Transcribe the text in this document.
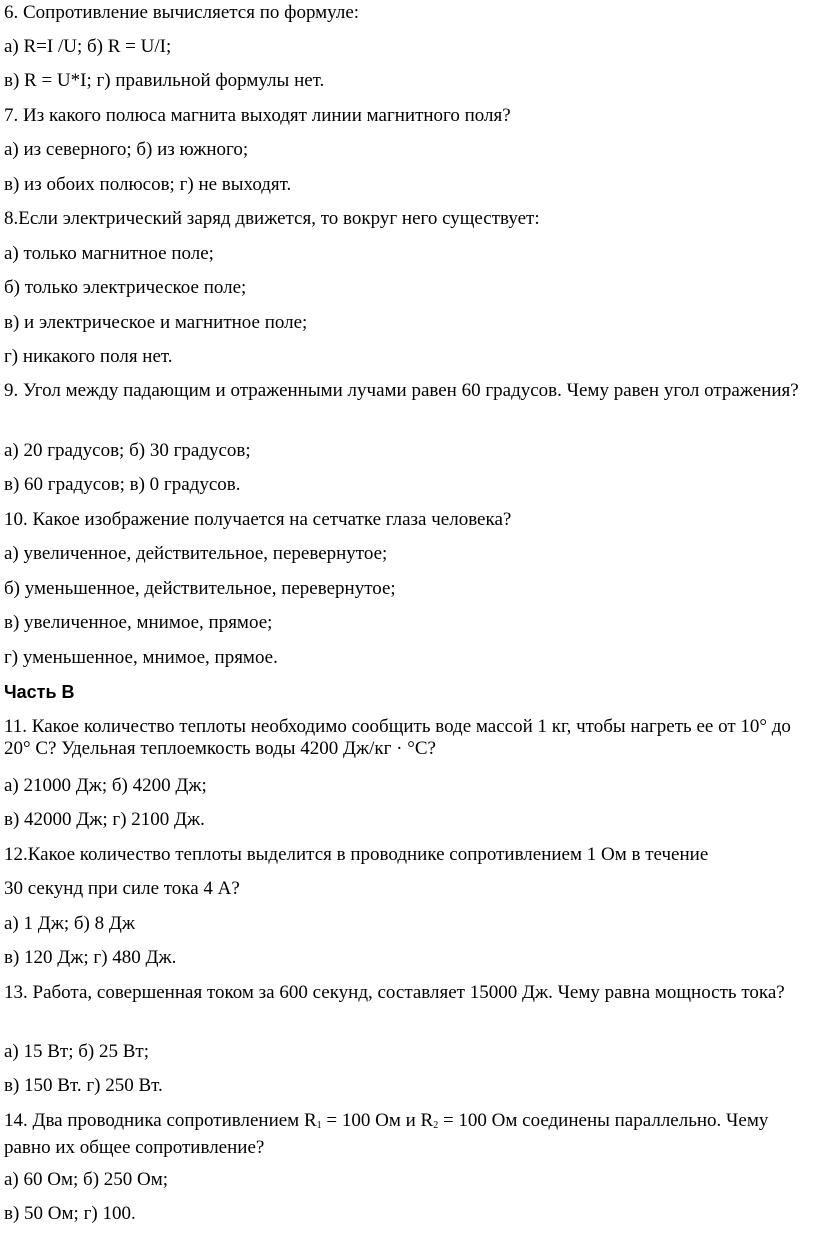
6. Сопротивление вычисляется по формуле:

а) R=I /U; б) R = U/I;

в) R = U*I; г) правильной формулы нет.

7. Из какого полюса магнита выходят линии магнитного поля?

а) из северного; б) из южного;

в) из обоих полюсов; г) не выходят.

8.Если электрический заряд движется, то вокруг него существует:

а) только магнитное поле;

б) только электрическое поле;

в) и электрическое и магнитное поле;

г) никакого поля нет.

9. Угол между падающим и отраженными лучами равен 60 градусов. Чему равен угол отражения?

а) 20 градусов; б) 30 градусов;

в) 60 градусов; в) 0 градусов.

10. Какое изображение получается на сетчатке глаза человека?

а) увеличенное, действительное, перевернутое;

б) уменьшенное, действительное, перевернутое;

в) увеличенное, мнимое, прямое;

г) уменьшенное, мнимое, прямое.

Часть В

11. Какое количество теплоты необходимо сообщить воде массой 1 кг, чтобы нагреть ее от 10° до 20° С? Удельная теплоемкость воды 4200 Дж/кг · °С?

а) 21000 Дж; б) 4200 Дж;

в) 42000 Дж; г) 2100 Дж.

12.Какое количество теплоты выделится в проводнике сопротивлением 1 Ом в течение

30 секунд при силе тока 4 А?

а) 1 Дж; б) 8 Дж

в) 120 Дж; г) 480 Дж.

13. Работа, совершенная током за 600 секунд, составляет 15000 Дж. Чему равна мощность тока?

а) 15 Вт; б) 25 Вт;

в) 150 Вт. г) 250 Вт.

14. Два проводника сопротивлением $R_1 = 100$ Ом и $R_2 = 100$ Ом соединены параллельно. Чему равно их общее сопротивление?

а) 60 Ом; б) 250 Ом;

в) 50 Ом; г) 100.
